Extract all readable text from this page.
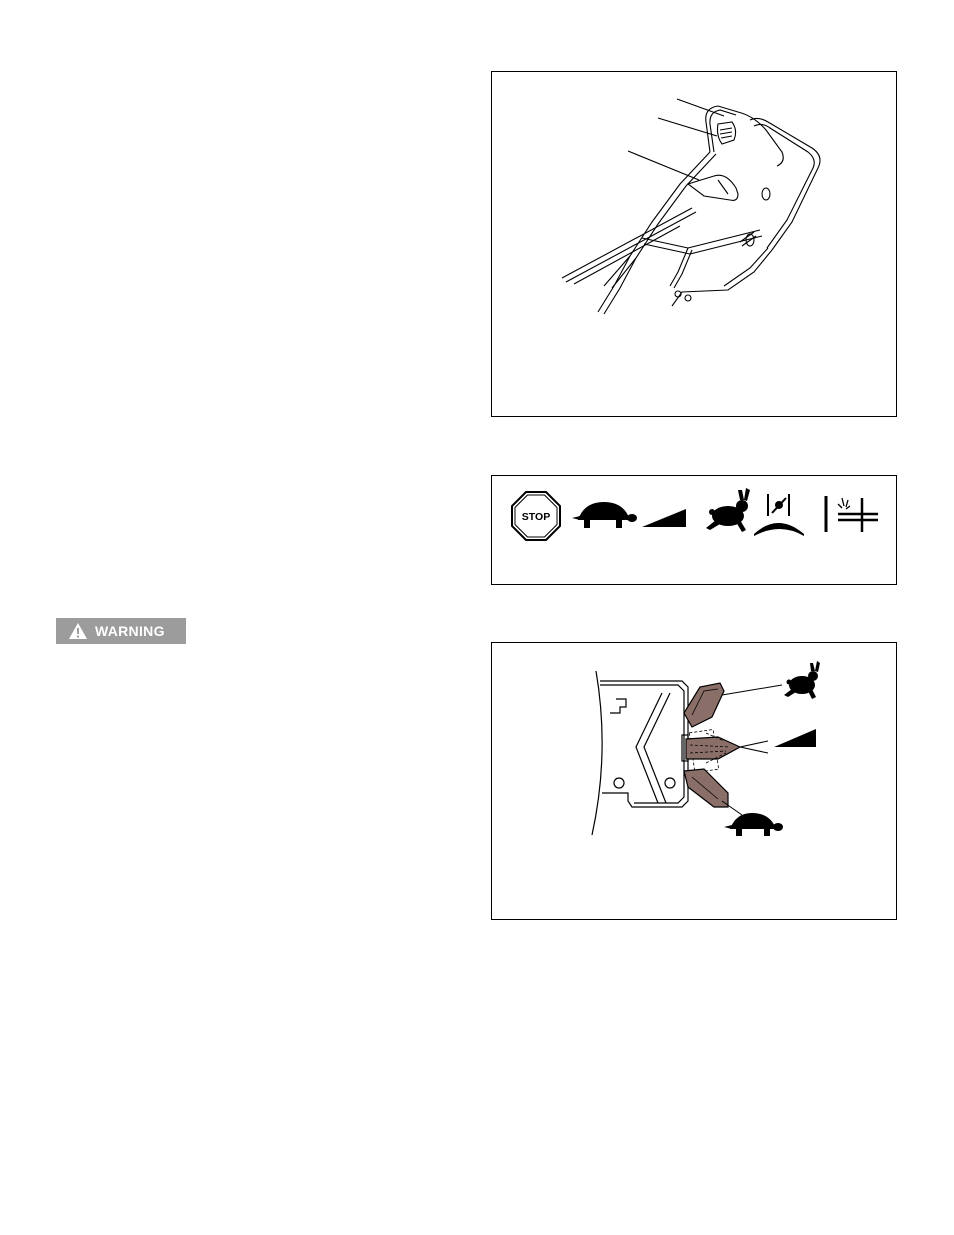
STOP
WARNING
